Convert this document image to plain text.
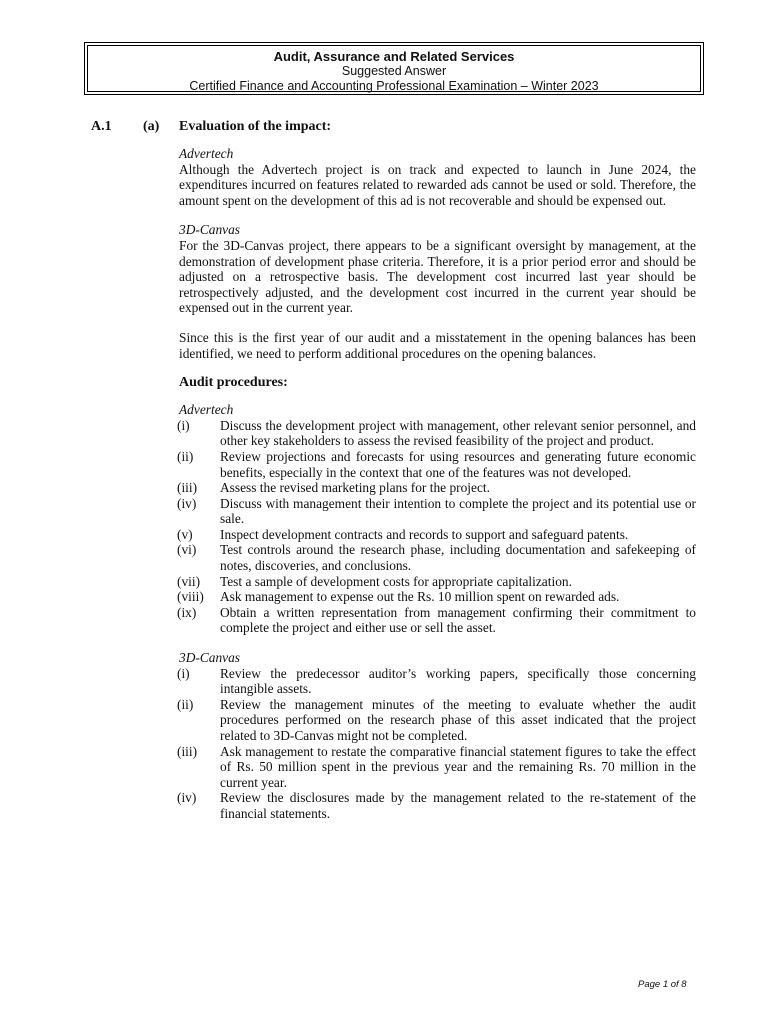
Audit, Assurance and Related Services
Suggested Answer
Certified Finance and Accounting Professional Examination – Winter 2023
A.1 (a) Evaluation of the impact:
Advertech
Although the Advertech project is on track and expected to launch in June 2024, the expenditures incurred on features related to rewarded ads cannot be used or sold. Therefore, the amount spent on the development of this ad is not recoverable and should be expensed out.
3D-Canvas
For the 3D-Canvas project, there appears to be a significant oversight by management, at the demonstration of development phase criteria. Therefore, it is a prior period error and should be adjusted on a retrospective basis. The development cost incurred last year should be retrospectively adjusted, and the development cost incurred in the current year should be expensed out in the current year.
Since this is the first year of our audit and a misstatement in the opening balances has been identified, we need to perform additional procedures on the opening balances.
Audit procedures:
Advertech
(i)	Discuss the development project with management, other relevant senior personnel, and other key stakeholders to assess the revised feasibility of the project and product.
(ii)	Review projections and forecasts for using resources and generating future economic benefits, especially in the context that one of the features was not developed.
(iii)	Assess the revised marketing plans for the project.
(iv)	Discuss with management their intention to complete the project and its potential use or sale.
(v)	Inspect development contracts and records to support and safeguard patents.
(vi)	Test controls around the research phase, including documentation and safekeeping of notes, discoveries, and conclusions.
(vii)	Test a sample of development costs for appropriate capitalization.
(viii)	Ask management to expense out the Rs. 10 million spent on rewarded ads.
(ix)	Obtain a written representation from management confirming their commitment to complete the project and either use or sell the asset.
3D-Canvas
(i)	Review the predecessor auditor’s working papers, specifically those concerning intangible assets.
(ii)	Review the management minutes of the meeting to evaluate whether the audit procedures performed on the research phase of this asset indicated that the project related to 3D-Canvas might not be completed.
(iii)	Ask management to restate the comparative financial statement figures to take the effect of Rs. 50 million spent in the previous year and the remaining Rs. 70 million in the current year.
(iv)	Review the disclosures made by the management related to the re-statement of the financial statements.
Page 1 of 8
